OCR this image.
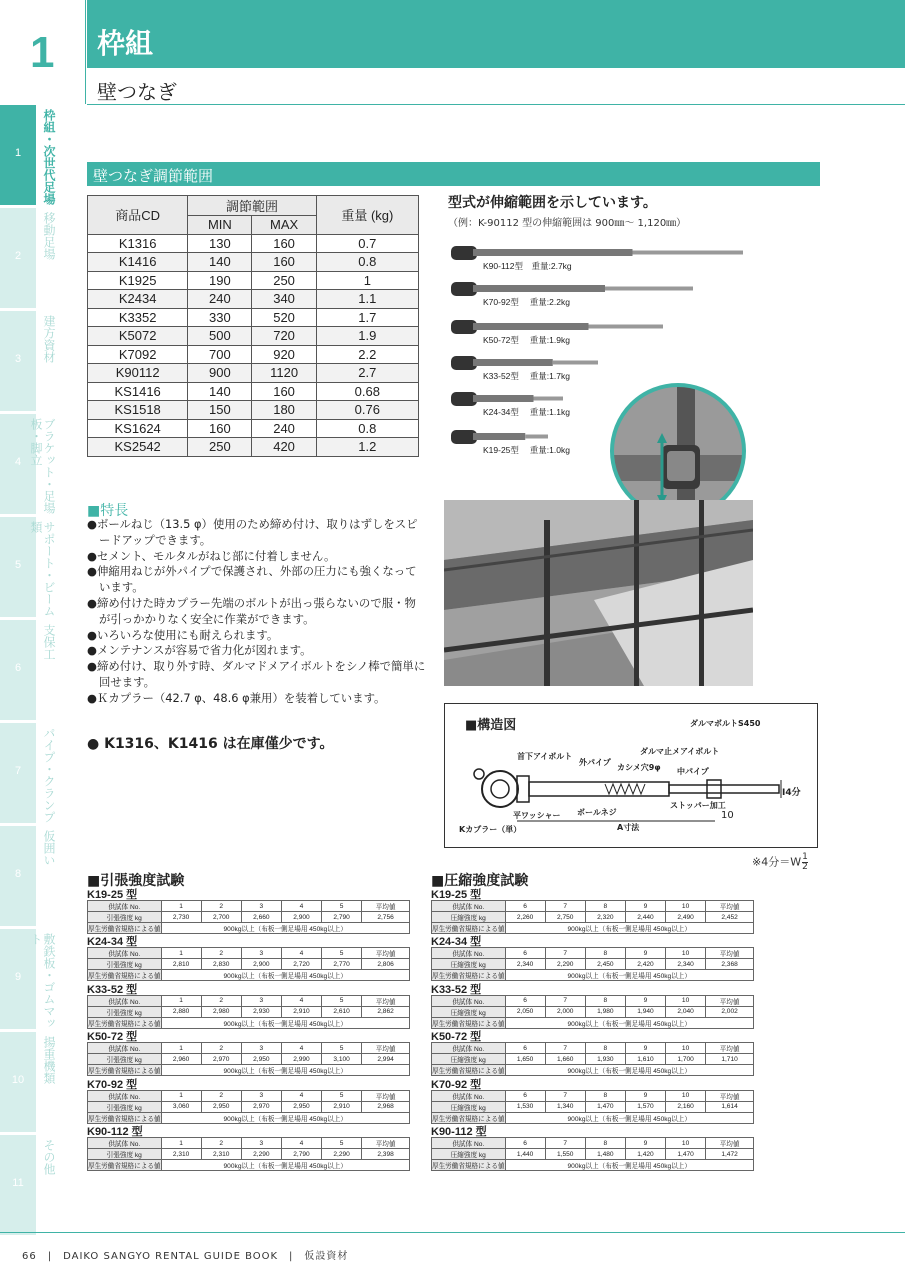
1 枠組
壁つなぎ
1	枠組・次世代足場
2	移動足場
3	建方資材
4	ブラケット・足場板・脚立
5	サポート・ビーム類
6
支保工
7	パイプ・クランプ
8
仮囲い
9	敷鉄板・ゴムマット
10	揚重機類
11
その他
壁つなぎ調節範囲
商品CD	調節範囲		重量 (kg)
	MIN	MAX	
K1316	130	160	0.7
K1416	140	160	0.8
K1925	190	250	1
K2434	240	340	1.1
K3352	330	520	1.7
K5072	500	720	1.9
K7092	700	920	2.2
K90112	900	1120	2.7
KS1416	140	160	0.68
KS1518	150	180	0.76
KS1624	160	240	0.8
KS2542	250	420	1.2
型式が伸縮範囲を示しています。
（例：K-90112 型の伸縮範囲は 900㎜～ 1,120㎜）
K90-112型　重量:2.7kg
K70-92型　 重量:2.2kg
K50-72型　 重量:1.9kg
K33-52型　 重量:1.7kg
K24-34型　 重量:1.1kg
K19-25型　 重量:1.0kg
■特長
●ボールねじ（13.5 φ）使用のため締め付け、取りはずしをスピードアップできます。
●セメント、モルタルがねじ部に付着しません。
●伸縮用ねじが外パイプで保護され、外部の圧力にも強くなっています。
●締め付けた時カプラー先端のボルトが出っ張らないので服・物が引っかかりなく安全に作業ができます。
●いろいろな使用にも耐えられます。
●メンテナンスが容易で省力化が図れます。
●締め付け、取り外す時、ダルマドメアイボルトをシノ棒で簡単に回せます。
●Ｋカプラー（42.7 φ、48.6 φ兼用）を装着しています。
● K1316、K1416 は在庫僅少です。
■構造図	ダルマボルトS450
ダルマ止メアイボルト
首下アイボルト
外パイプ
カシメ穴9φ 中パイプ
ストッパー加工
ボールネジ
平ワッシャー
Kカプラー（単）	A寸法
I4分
10
※4分$=W \frac{1}{2}$
■引張強度試験	■圧縮強度試験
K19-25 型
供試体 No.	1	2	3	4	5	平均値
引張強度 kg	2,730	2,700	2,660	2,900	2,790	2,756
厚生労働省規格による値	900kg以上（布板一側足場用 450kg以上）					
K24-34 型
供試体 No.	1	2	3	4	5	平均値
引張強度 kg	2,810	2,830	2,900	2,720	2,770	2,806
厚生労働省規格による値	900kg以上（布板一側足場用 450kg以上）					
K33-52 型
供試体 No.	1	2	3	4	5	平均値
引張強度 kg	2,880	2,980	2,930	2,910	2,610	2,862
厚生労働省規格による値	900kg以上（布板一側足場用 450kg以上）					
K50-72 型
供試体 No.	1	2	3	4	5	平均値
引張強度 kg	2,960	2,970	2,950	2,990	3,100	2,994
厚生労働省規格による値	900kg以上（布板一側足場用 450kg以上）					
K70-92 型
供試体 No.	1	2	3	4	5	平均値
引張強度 kg	3,060	2,950	2,970	2,950	2,910	2,968
厚生労働省規格による値	900kg以上（布板一側足場用 450kg以上）					
K90-112 型
供試体 No.	1	2	3	4	5	平均値
引張強度 kg	2,310	2,310	2,290	2,790	2,290	2,398
厚生労働省規格による値	900kg以上（布板一側足場用 450kg以上）					
K19-25 型
供試体 No.	6	7	8	9	10	平均値
圧縮強度 kg	2,260	2,750	2,320	2,440	2,490	2,452
厚生労働省規格による値	900kg以上（布板一側足場用 450kg以上）					
K24-34 型
供試体 No.	6	7	8	9	10	平均値
圧縮強度 kg	2,340	2,290	2,450	2,420	2,340	2,368
厚生労働省規格による値	900kg以上（布板一側足場用 450kg以上）					
K33-52 型
供試体 No.	6	7	8	9	10	平均値
圧縮強度 kg	2,050	2,000	1,980	1,940	2,040	2,002
厚生労働省規格による値	900kg以上（布板一側足場用 450kg以上）					
K50-72 型
供試体 No.	6	7	8	9	10	平均値
圧縮強度 kg	1,650	1,660	1,930	1,610	1,700	1,710
厚生労働省規格による値	900kg以上（布板一側足場用 450kg以上）					
K70-92 型
供試体 No.	6	7	8	9	10	平均値
圧縮強度 kg	1,530	1,340	1,470	1,570	2,160	1,614
厚生労働省規格による値	900kg以上（布板一側足場用 450kg以上）					
K90-112 型
供試体 No.	6	7	8	9	10	平均値
圧縮強度 kg	1,440	1,550	1,480	1,420	1,470	1,472
厚生労働省規格による値	900kg以上（布板一側足場用 450kg以上）					
66　|　DAIKO SANGYO RENTAL GUIDE BOOK　|　仮設資材
